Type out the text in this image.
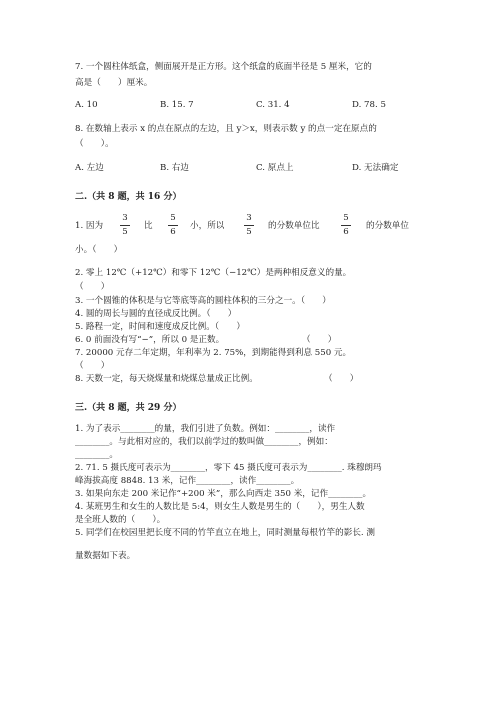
7. 一个圆柱体纸盒，侧面展开是正方形。这个纸盒的底面半径是 5 厘米，它的
高是（　　）厘米。
A. 10	B. 15. 7	C. 31. 4	D. 78. 5
8. 在数轴上表示 x 的点在原点的左边，且 y＞x，则表示数 y 的点一定在原点的
（　　）。
A. 左边	B. 右边	C. 原点上	D. 无法确定
二.（共 8 题，共 16 分）
1. 因为
3
5
比
5
6
小，所以
3
5
的分数单位比
5
6
的分数单位
小。（　　）
2. 零上 12℃（+12℃）和零下 12℃（−12℃）是两种相反意义的量。
（　　）
3. 一个圆锥的体积是与它等底等高的圆柱体积的三分之一。（　　）
4. 圆的周长与圆的直径成反比例。（　　）
5. 路程一定，时间和速度成反比例。（　　）
6. 0 前面没有写“−”，所以 0 是正数。	（　　）
7. 20000 元存二年定期，年利率为 2. 75%，到期能得到利息 550 元。
（　　）
8. 天数一定，每天烧煤量和烧煤总量成正比例。	（　　）
三.（共 8 题，共 29 分）
1. 为了表示________的量，我们引进了负数。例如：________，读作
________。与此相对应的，我们以前学过的数叫做________，例如：
________。
2. 71. 5 摄氏度可表示为________，零下 45 摄氏度可表示为________. 珠穆朗玛
峰海拔高度 8848. 13 米，记作________，读作________。
3. 如果向东走 200 米记作“+200 米”，那么向西走 350 米，记作________。
4. 某班男生和女生的人数比是 5:4，则女生人数是男生的（　　），男生人数
是全班人数的（　　）。
5. 同学们在校园里把长度不同的竹竿直立在地上，同时测量每根竹竿的影长. 测
量数据如下表。
